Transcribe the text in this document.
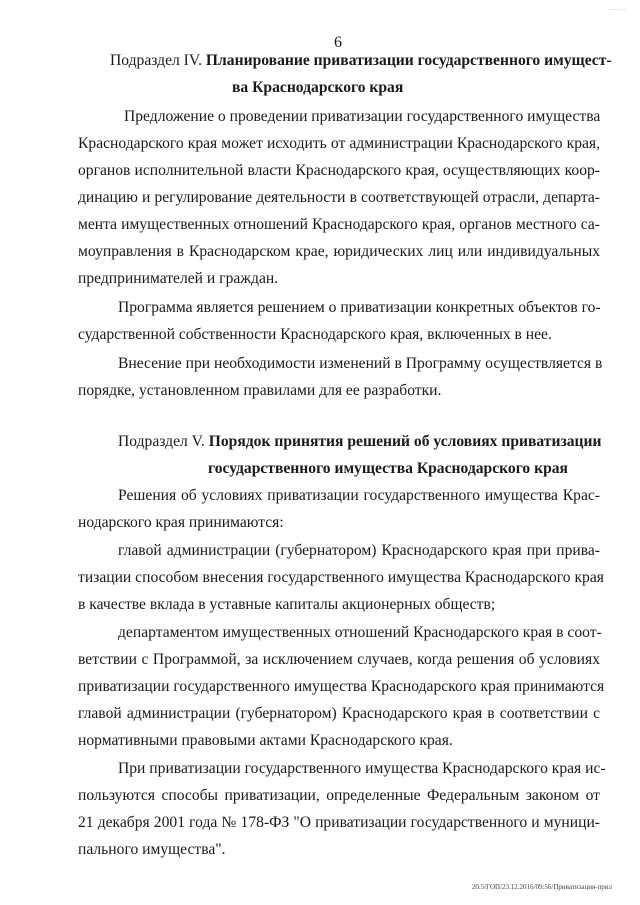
......
6
Подраздел IV. Планирование приватизации государственного имущест-
ва Краснодарского края
Предложение о проведении приватизации государственного имущества
Краснодарского края может исходить от администрации Краснодарского края,
органов исполнительной власти Краснодарского края, осуществляющих коор-
динацию и регулирование деятельности в соответствующей отрасли, департа-
мента имущественных отношений Краснодарского края, органов местного са-
моуправления в Краснодарском крае, юридических лиц или индивидуальных
предпринимателей и граждан.
Программа является решением о приватизации конкретных объектов го-
сударственной собственности Краснодарского края, включенных в нее.
Внесение при необходимости изменений в Программу осуществляется в
порядке, установленном правилами для ее разработки.
Подраздел V. Порядок принятия решений об условиях приватизации
государственного имущества Краснодарского края
Решения об условиях приватизации государственного имущества Крас-
нодарского края принимаются:
главой администрации (губернатором) Краснодарского края при прива-
тизации способом внесения государственного имущества Краснодарского края
в качестве вклада в уставные капиталы акционерных обществ;
департаментом имущественных отношений Краснодарского края в соот-
ветствии с Программой, за исключением случаев, когда решения об условиях
приватизации государственного имущества Краснодарского края принимаются
главой администрации (губернатором) Краснодарского края в соответствии с
нормативными правовыми актами Краснодарского края.
При приватизации государственного имущества Краснодарского края ис-
пользуются способы приватизации, определенные Федеральным законом от
21 декабря 2001 года № 178-ФЗ "О приватизации государственного и муници-
пального имущества".
20.5/ГОП/23.12.2016/09:56/Приватизация-прил
